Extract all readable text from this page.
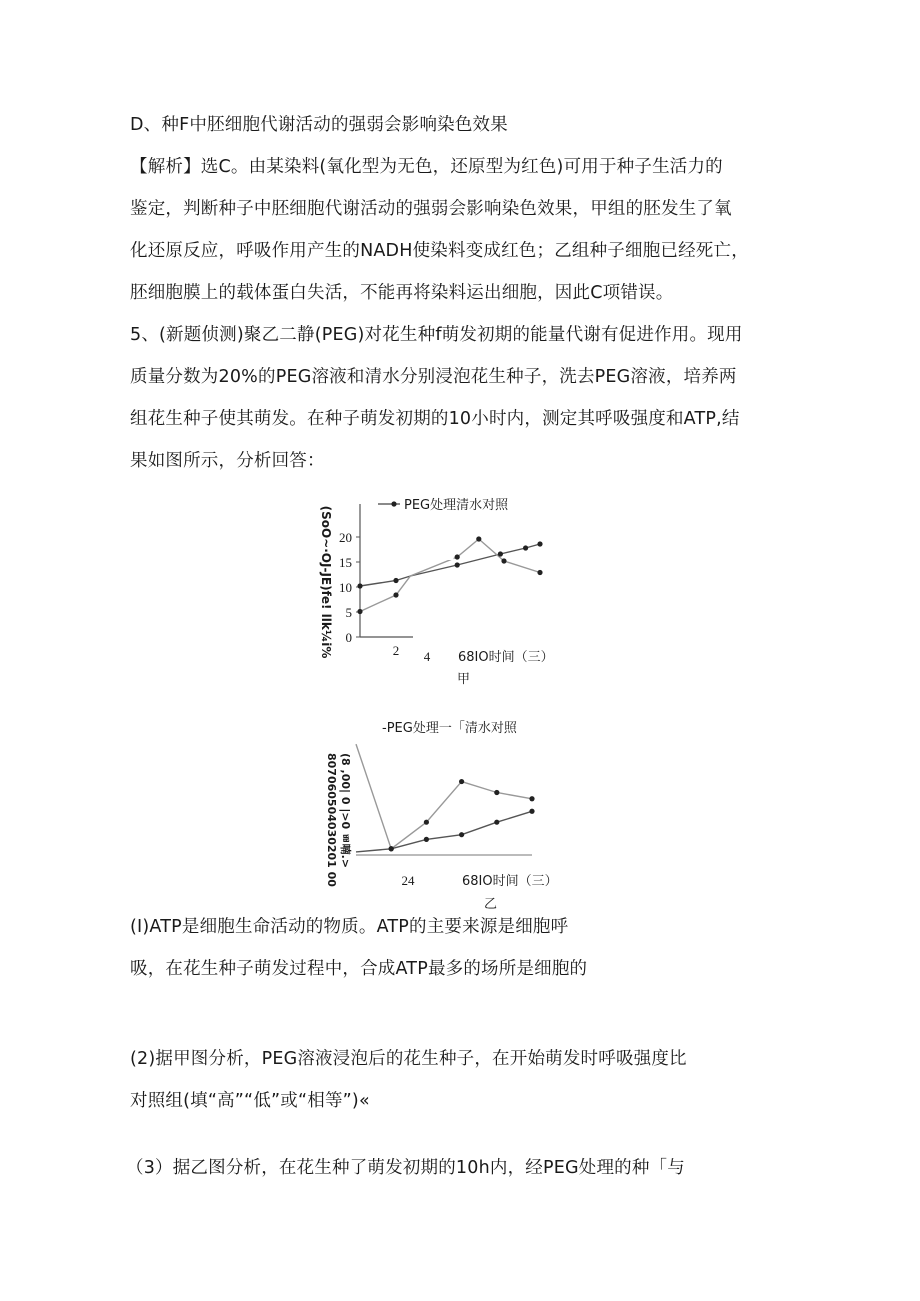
D、种F中胚细胞代谢活动的强弱会影响染色效果
【解析】选C。由某染料(氧化型为无色，还原型为红色)可用于种子生活力的
鉴定，判断种子中胚细胞代谢活动的强弱会影响染色效果，甲组的胚发生了氧
化还原反应，呼吸作用产生的NADH使染料变成红色；乙组种子细胞已经死亡，
胚细胞膜上的载体蛋白失活，不能再将染料运出细胞，因此C项错误。
5、(新题侦测)聚乙二静(PEG)对花生种f萌发初期的能量代谢有促进作用。现用
质量分数为20%的PEG溶液和清水分别浸泡花生种子，洗去PEG溶液，培养两
组花生种子使其萌发。在种子萌发初期的10小时内，测定其呼吸强度和ATP,结
果如图所示，分析回答：
PEG处理清水对照
(SoO~·OJ-JE)fe! llk¼i% 0
5
10
15
20
2 4 68IO时间（三）
甲
-PEG处理一「清水对照
(8 ,00| 0 |>0 ㅃ喃.>
807060504030201 00	24	68IO时间（三）
乙
(I)ATP是细胞生命活动的物质。ATP的主要来源是细胞呼
吸，在花生种子萌发过程中，合成ATP最多的场所是细胞的
(2)据甲图分析，PEG溶液浸泡后的花生种子，在开始萌发时呼吸强度比
对照组(填“高”“低”或“相等”)«
（3）据乙图分析，在花生种了萌发初期的10h内，经PEG处理的种「与
